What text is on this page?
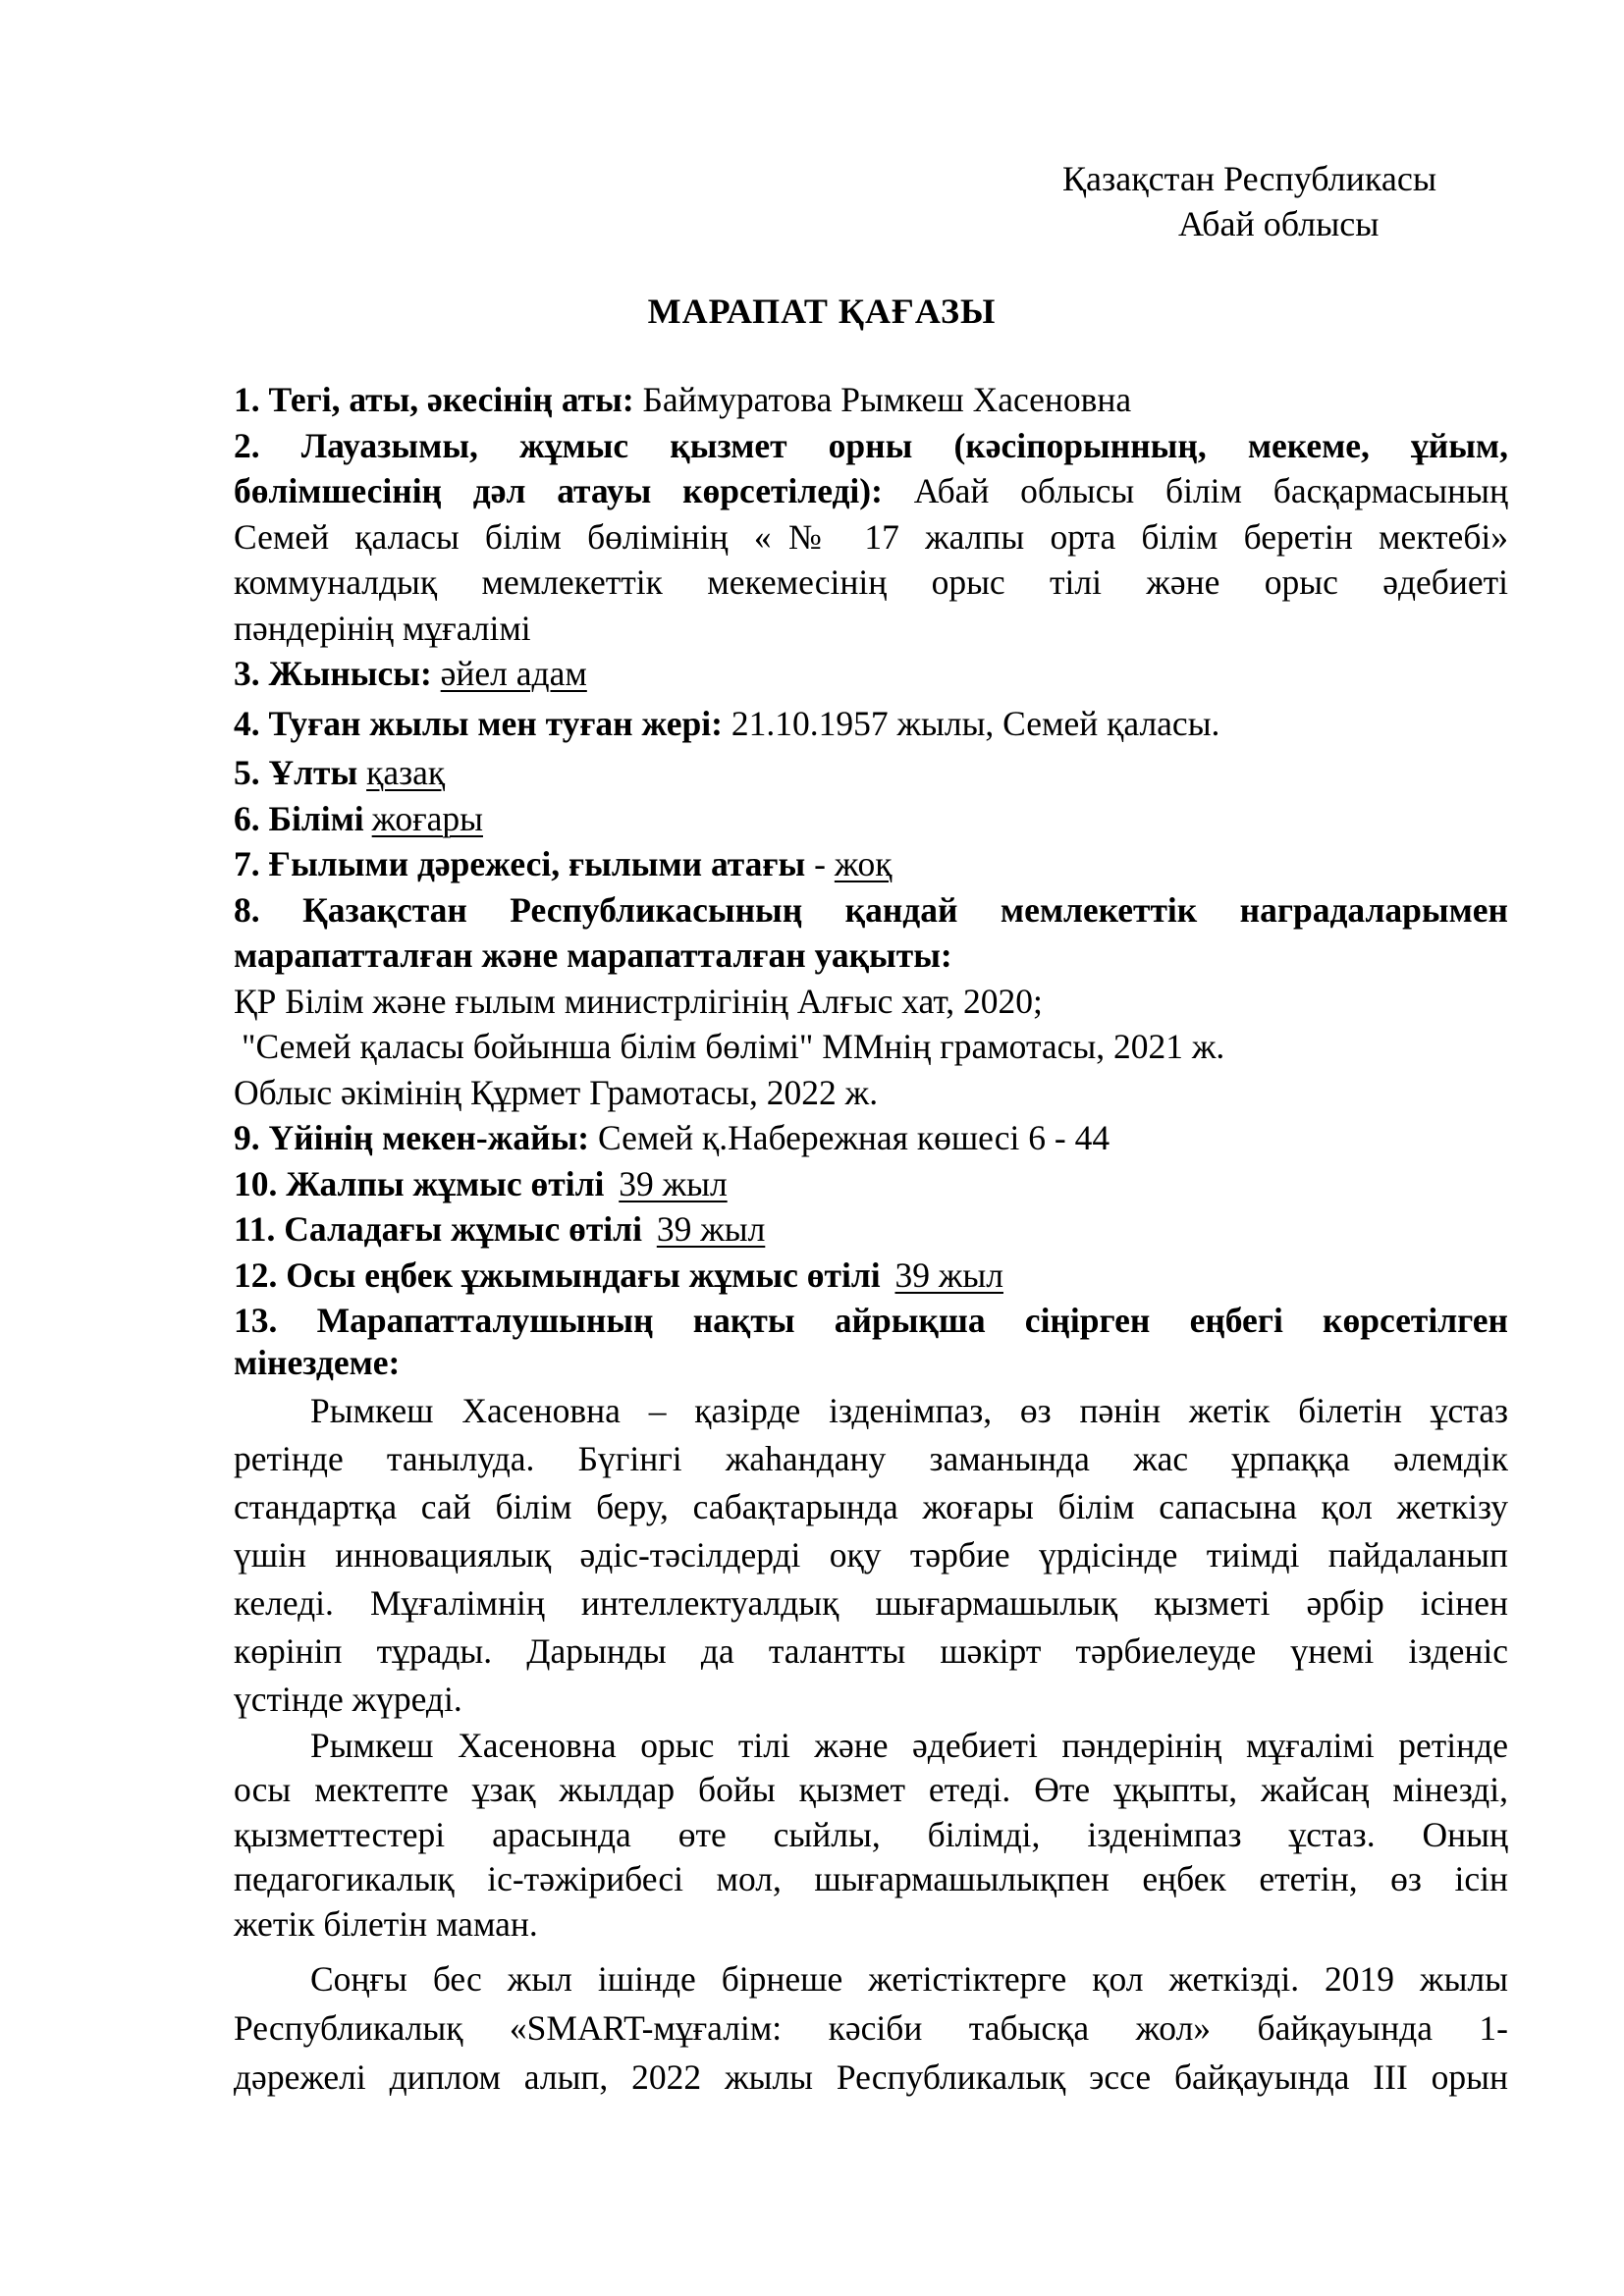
Қазақстан Республикасы
Абай облысы
МАРАПАТ ҚАҒАЗЫ
1. Тегі, аты, әкесінің аты: Баймуратова Рымкеш Хасеновна
2. Лауазымы, жұмыс қызмет орны (кәсіпорынның, мекеме, ұйым,
бөлімшесінің дәл атауы көрсетіледі): Абай облысы білім басқармасының
Семей қаласы білім бөлімінің «№ 17 жалпы орта білім беретін мектебі»
коммуналдық мемлекеттік мекемесінің орыс тілі және орыс әдебиеті
пәндерінің мұғалімі
3. Жынысы: әйел адам
4. Туған жылы мен туған жері: 21.10.1957 жылы, Семей қаласы.
5. Ұлты қазақ
6. Білімі жоғары
7. Ғылыми дәрежесі, ғылыми атағы - жоқ
8. Қазақстан Республикасының қандай мемлекеттік наградаларымен
марапатталған және марапатталған уақыты:
ҚР Білім және ғылым министрлігінің Алғыс хат, 2020;
"Семей қаласы бойынша білім бөлімі" ММнің грамотасы, 2021 ж.
Облыс әкімінің Құрмет Грамотасы, 2022 ж.
9. Үйінің мекен-жайы: Семей қ.Набережная көшесі 6 - 44
10. Жалпы жұмыс өтілі 39 жыл
11. Саладағы жұмыс өтілі 39 жыл
12. Осы еңбек ұжымындағы жұмыс өтілі 39 жыл
13. Марапатталушының нақты айрықша сіңірген еңбегі көрсетілген
мінездеме:
Рымкеш Хасеновна – қазірде ізденімпаз, өз пәнін жетік білетін ұстаз
ретінде танылуда. Бүгінгі жаһандану заманында жас ұрпаққа әлемдік
стандартқа сай білім беру, сабақтарында жоғары білім сапасына қол жеткізу
үшін инновациялық әдіс-тәсілдерді оқу тәрбие үрдісінде тиімді пайдаланып
келеді. Мұғалімнің интеллектуалдық шығармашылық қызметі әрбір ісінен
көрініп тұрады. Дарынды да талантты шәкірт тәрбиелеуде үнемі ізденіс
үстінде жүреді.
Рымкеш Хасеновна орыс тілі және әдебиеті пәндерінің мұғалімі ретінде
осы мектепте ұзақ жылдар бойы қызмет етеді. Өте ұқыпты, жайсаң мінезді,
қызметтестері арасында өте сыйлы, білімді, ізденімпаз ұстаз. Оның
педагогикалық іс-тәжірибесі мол, шығармашылықпен еңбек ететін, өз ісін
жетік білетін маман.
Соңғы бес жыл ішінде бірнеше жетістіктерге қол жеткізді. 2019 жылы
Республикалық «SMART-мұғалім: кәсіби табысқа жол» байқауында 1-
дәрежелі диплом алып, 2022 жылы Республикалық эссе байқауында III орын
